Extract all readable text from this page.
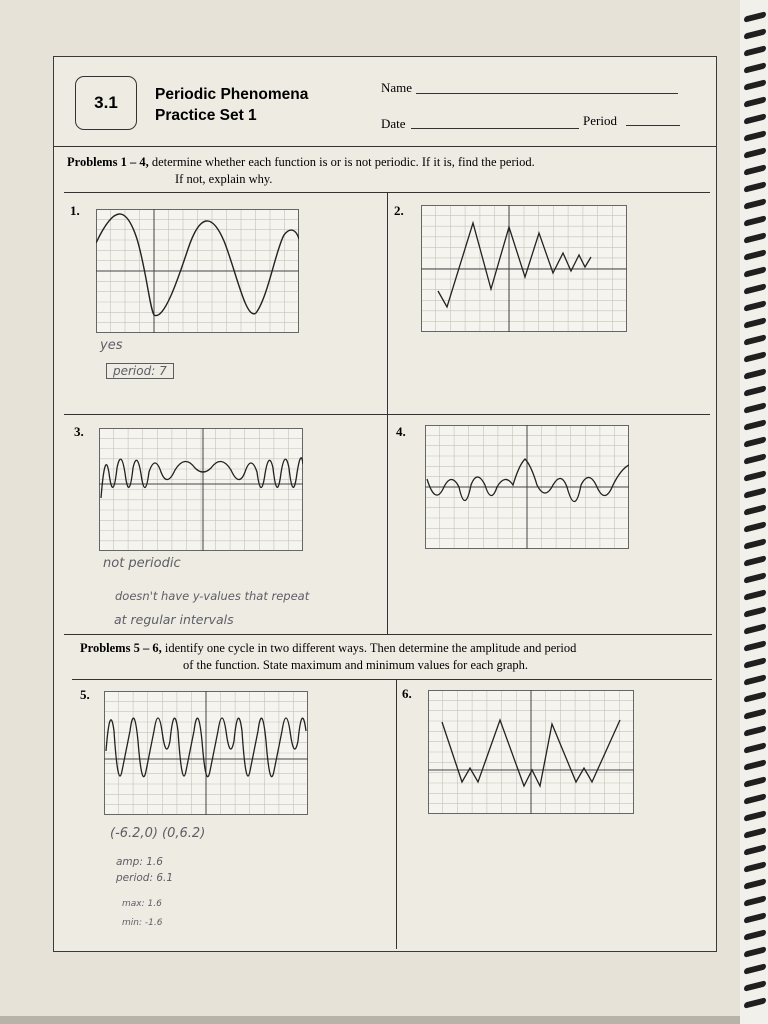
3.1	Periodic Phenomena
Practice Set 1
Name
Date	Period
Problems 1 – 4, determine whether each function is or is not periodic. If it is, find the period.
If not, explain why.
Problems 5 – 6, identify one cycle in two different ways. Then determine the amplitude and period
of the function. State maximum and minimum values for each graph.
1.	2.
3.	4.
5.	6.
yes
period: 7
not periodic
doesn't have y-values that repeat
at regular intervals
(-6.2,0) (0,6.2)
amp: 1.6
period: 6.1
max: 1.6
min: -1.6
